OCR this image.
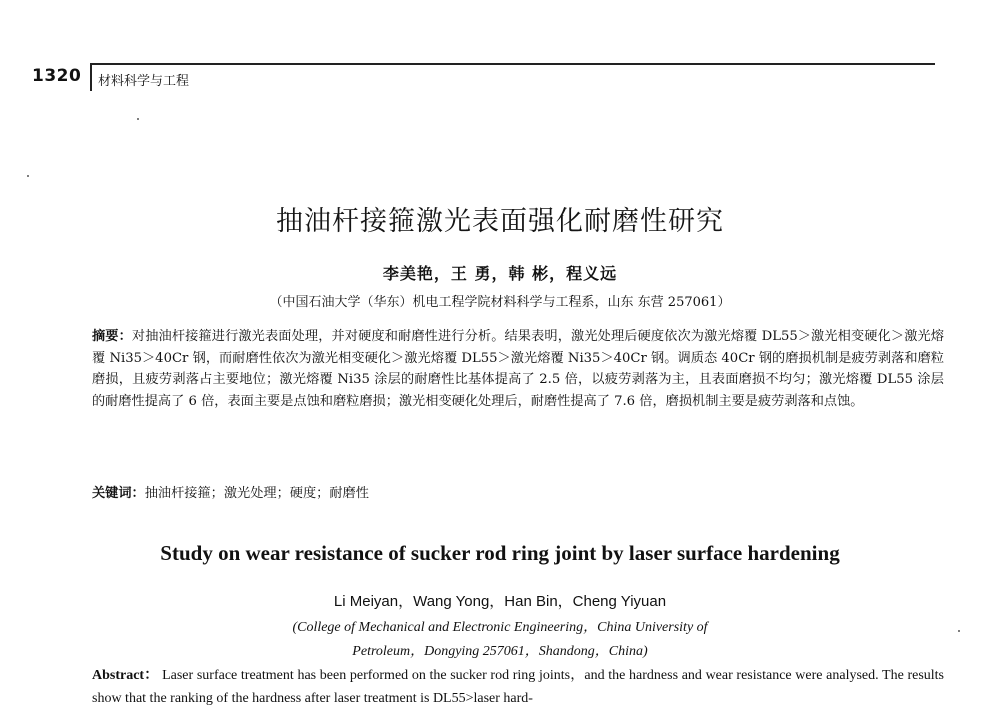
1320 材料科学与工程
抽油杆接箍激光表面强化耐磨性研究
李美艳，王 勇，韩 彬，程义远
（中国石油大学（华东）机电工程学院材料科学与工程系，山东 东营 257061）
摘要：对抽油杆接箍进行激光表面处理，并对硬度和耐磨性进行分析。结果表明，激光处理后硬度依次为激光熔覆 DL55＞激光相变硬化＞激光熔覆 Ni35＞40Cr 钢，而耐磨性依次为激光相变硬化＞激光熔覆 DL55＞激光熔覆 Ni35＞40Cr 钢。调质态 40Cr 钢的磨损机制是疲劳剥落和磨粒磨损，且疲劳剥落占主要地位；激光熔覆 Ni35 涂层的耐磨性比基体提高了 2.5 倍，以疲劳剥落为主，且表面磨损不均匀；激光熔覆 DL55 涂层的耐磨性提高了 6 倍，表面主要是点蚀和磨粒磨损；激光相变硬化处理后，耐磨性提高了 7.6 倍，磨损机制主要是疲劳剥落和点蚀。
关键词：抽油杆接箍；激光处理；硬度；耐磨性
Study on wear resistance of sucker rod ring joint by laser surface hardening
Li Meiyan，Wang Yong，Han Bin，Cheng Yiyuan
(College of Mechanical and Electronic Engineering，China University of
Petroleum，Dongying 257061，Shandong，China)
Abstract： Laser surface treatment has been performed on the sucker rod ring joints，and the hardness and wear resistance were analysed. The results show that the ranking of the hardness after laser treatment is DL55>laser hard-
